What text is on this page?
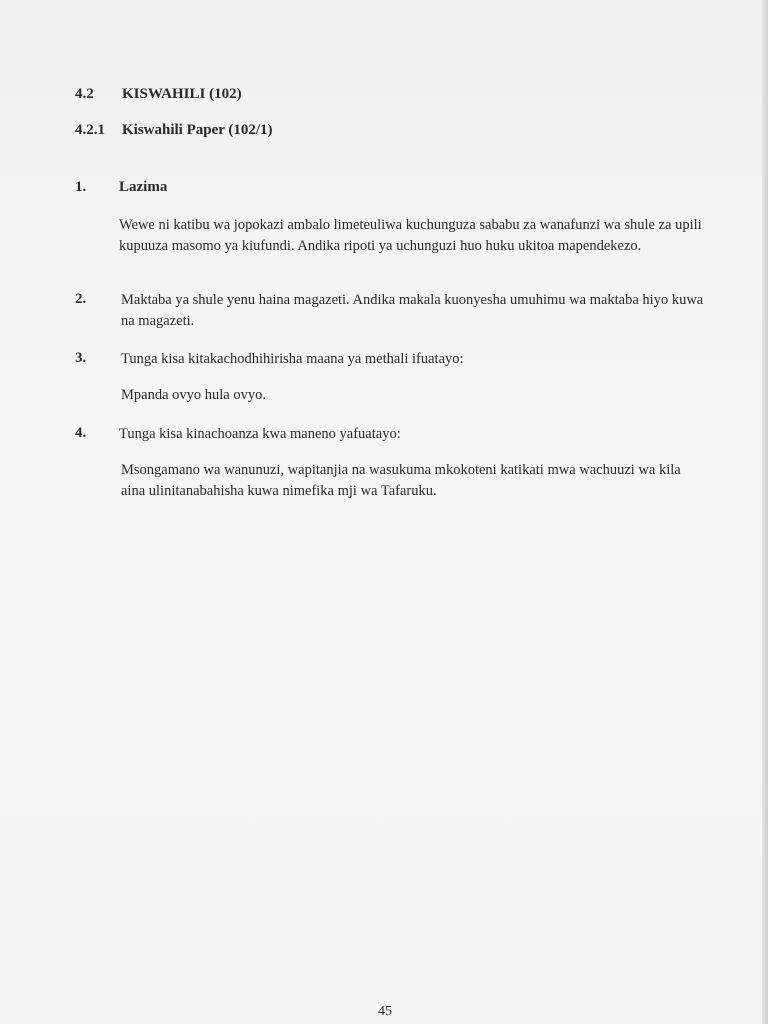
4.2 KISWAHILI (102)
4.2.1 Kiswahili Paper (102/1)
1. Lazima
Wewe ni katibu wa jopokazi ambalo limeteuliwa kuchunguza sababu za wanafunzi wa shule za upili kupuuza masomo ya kiufundi. Andika ripoti ya uchunguzi huo huku ukitoa mapendekezo.
2. Maktaba ya shule yenu haina magazeti. Andika makala kuonyesha umuhimu wa maktaba hiyo kuwa na magazeti.
3. Tunga kisa kitakachodhihirisha maana ya methali ifuatayo:
Mpanda ovyo hula ovyo.
4. Tunga kisa kinachoanza kwa maneno yafuatayo:
Msongamano wa wanunuzi, wapitanjia na wasukuma mkokoteni katikati mwa wachuuzi wa kila aina ulinitanabahisha kuwa nimefika mji wa Tafaruku.
45
